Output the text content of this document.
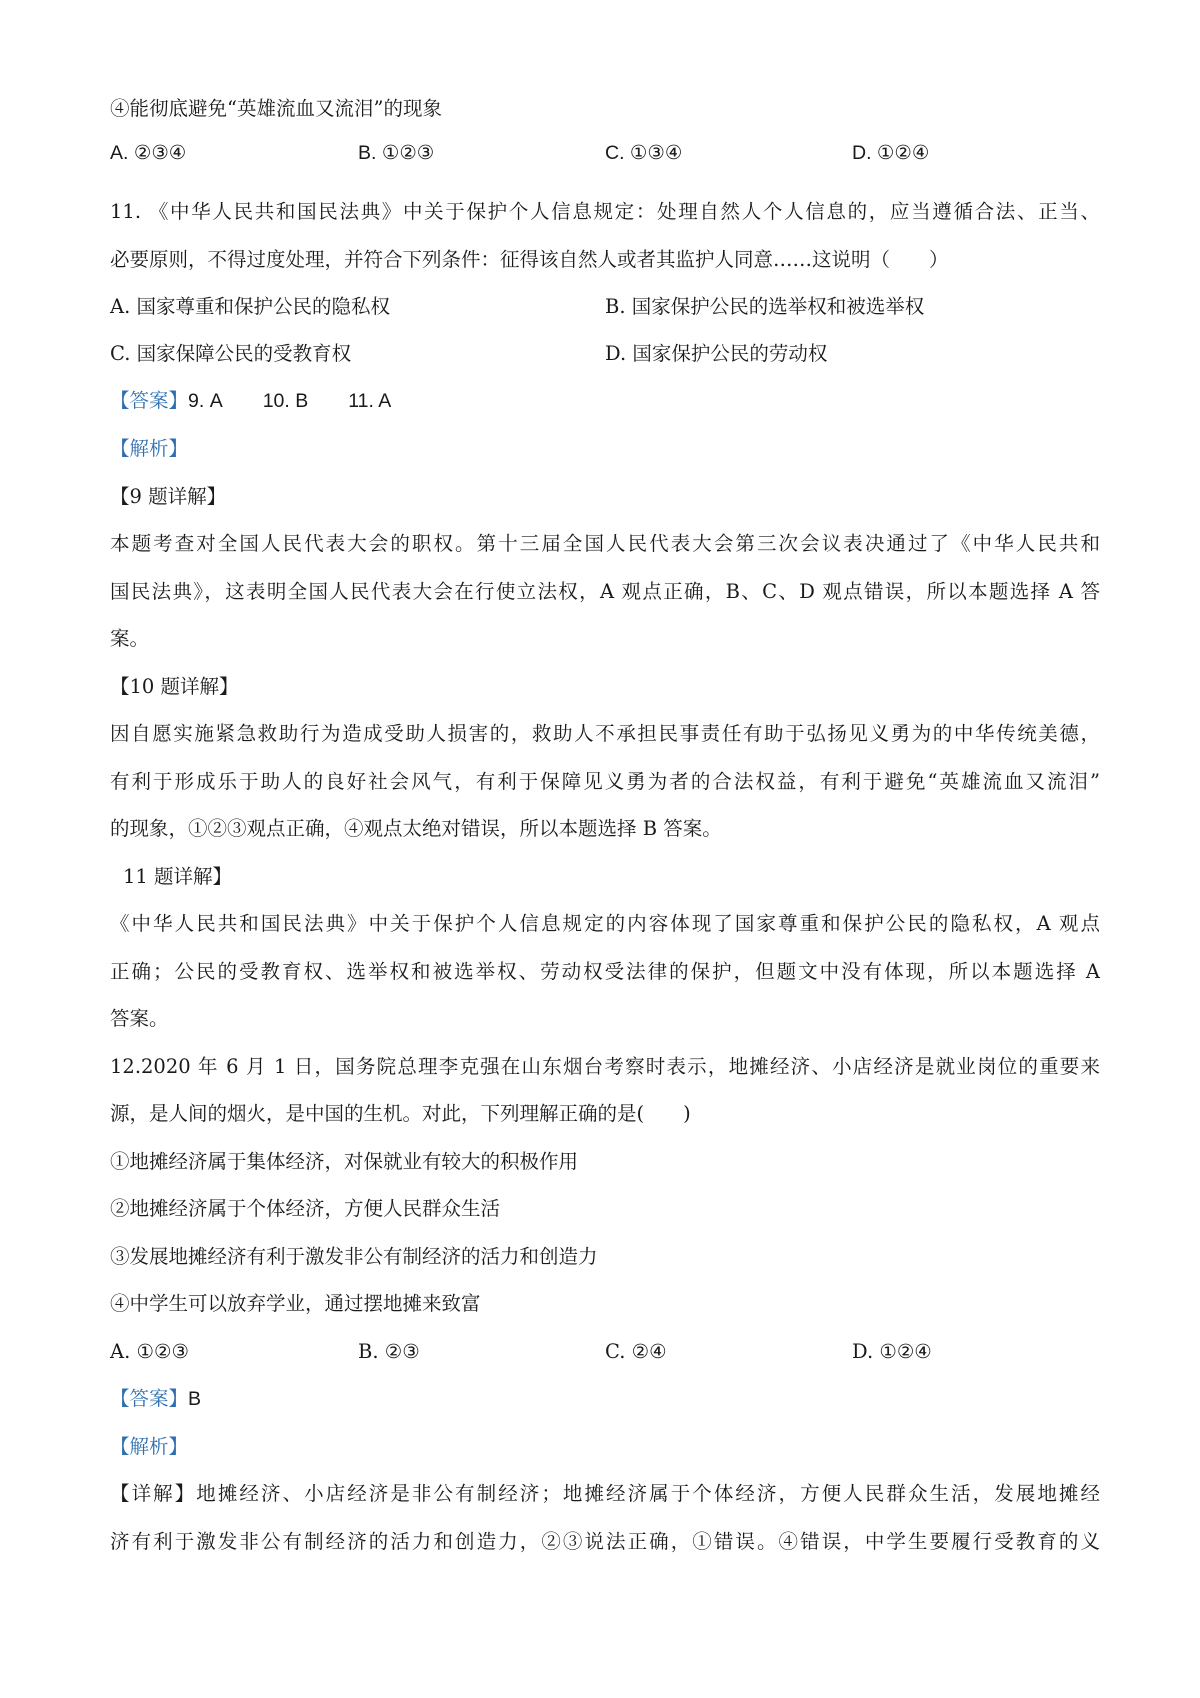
④能彻底避免“英雄流血又流泪”的现象
A. ②③④	B. ①②③	C. ①③④	D. ①②④
11. 《中华人民共和国民法典》中关于保护个人信息规定：处理自然人个人信息的，应当遵循合法、正当、
必要原则，不得过度处理，并符合下列条件：征得该自然人或者其监护人同意……这说明（　　）
A. 国家尊重和保护公民的隐私权	B. 国家保护公民的选举权和被选举权
C. 国家保障公民的受教育权	D. 国家保护公民的劳动权
【答案】9. A 10. B 11. A
【解析】
【9 题详解】
本题考查对全国人民代表大会的职权。第十三届全国人民代表大会第三次会议表决通过了《中华人民共和
国民法典》，这表明全国人民代表大会在行使立法权，A 观点正确，B、C、D 观点错误，所以本题选择 A 答
案。
【10 题详解】
因自愿实施紧急救助行为造成受助人损害的，救助人不承担民事责任有助于弘扬见义勇为的中华传统美德，
有利于形成乐于助人的良好社会风气，有利于保障见义勇为者的合法权益，有利于避免“英雄流血又流泪”
的现象，①②③观点正确，④观点太绝对错误，所以本题选择 B 答案。
11 题详解】
《中华人民共和国民法典》中关于保护个人信息规定的内容体现了国家尊重和保护公民的隐私权，A 观点
正确；公民的受教育权、选举权和被选举权、劳动权受法律的保护，但题文中没有体现，所以本题选择 A
答案。
12.2020 年 6 月 1 日，国务院总理李克强在山东烟台考察时表示，地摊经济、小店经济是就业岗位的重要来
源，是人间的烟火，是中国的生机。对此，下列理解正确的是(　　)
①地摊经济属于集体经济，对保就业有较大的积极作用
②地摊经济属于个体经济，方便人民群众生活
③发展地摊经济有利于激发非公有制经济的活力和创造力
④中学生可以放弃学业，通过摆地摊来致富
A. ①②③	B. ②③	C. ②④	D. ①②④
【答案】B
【解析】
【详解】地摊经济、小店经济是非公有制经济；地摊经济属于个体经济，方便人民群众生活，发展地摊经
济有利于激发非公有制经济的活力和创造力，②③说法正确，①错误。④错误，中学生要履行受教育的义
